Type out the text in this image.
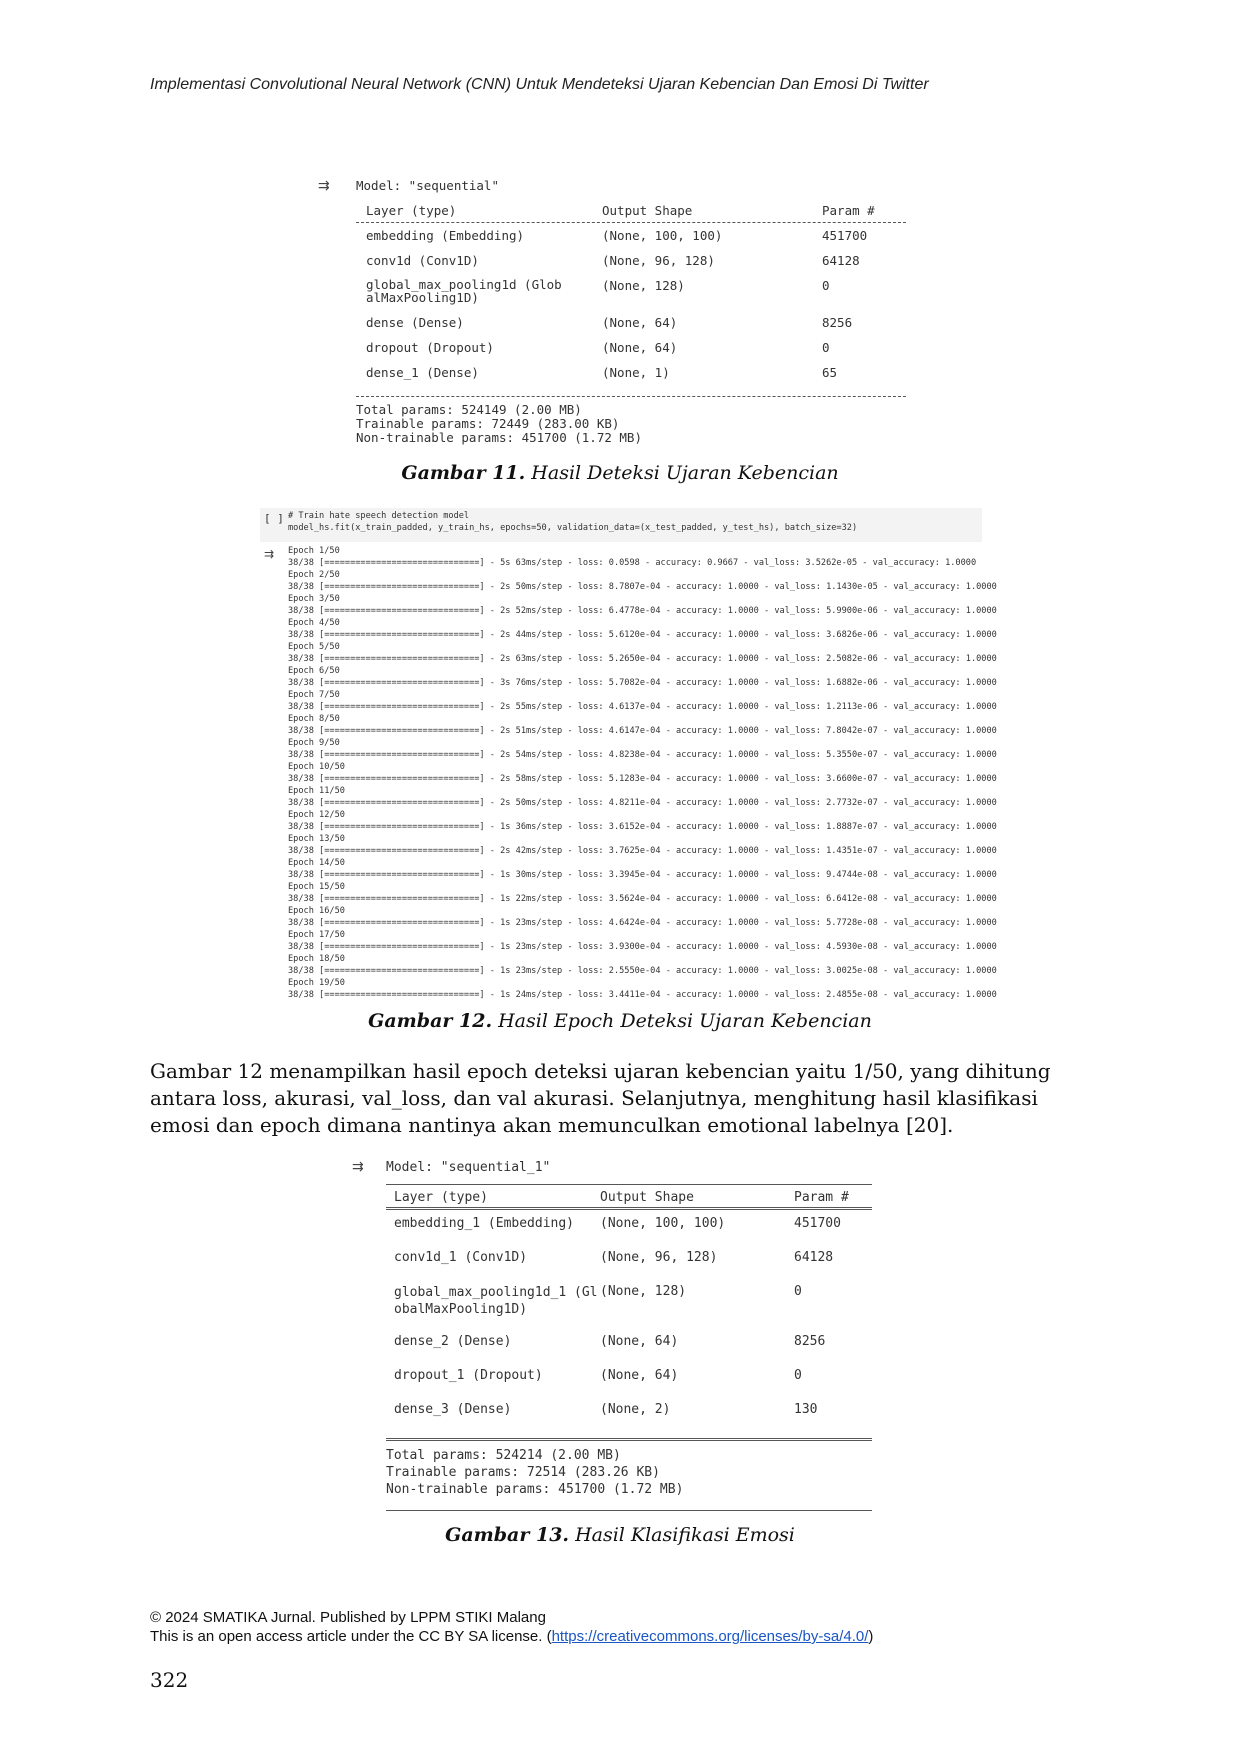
Implementasi Convolutional Neural Network (CNN) Untuk Mendeteksi Ujaran Kebencian Dan Emosi Di Twitter
⇉ Model: "sequential"
Layer (type)	Output Shape	Param #
embedding (Embedding)	(None, 100, 100)	451700
conv1d (Conv1D)	(None, 96, 128)	64128
global_max_pooling1d (Glob
alMaxPooling1D)
(None, 128)	0
dense (Dense)	(None, 64)	8256
dropout (Dropout)	(None, 64)	0
dense_1 (Dense)	(None, 1)	65
Total params: 524149 (2.00 MB)
Trainable params: 72449 (283.00 KB)
Non-trainable params: 451700 (1.72 MB)
Gambar 11. Hasil Deteksi Ujaran Kebencian
[ ] # Train hate speech detection model
model_hs.fit(x_train_padded, y_train_hs, epochs=50, validation_data=(x_test_padded, y_test_hs), batch_size=32)
⇉ Epoch 1/50
38/38 [==============================] - 5s 63ms/step - loss: 0.0598 - accuracy: 0.9667 - val_loss: 3.5262e-05 - val_accuracy: 1.0000
Epoch 2/50
38/38 [==============================] - 2s 50ms/step - loss: 8.7807e-04 - accuracy: 1.0000 - val_loss: 1.1430e-05 - val_accuracy: 1.0000
Epoch 3/50
38/38 [==============================] - 2s 52ms/step - loss: 6.4778e-04 - accuracy: 1.0000 - val_loss: 5.9900e-06 - val_accuracy: 1.0000
Epoch 4/50
38/38 [==============================] - 2s 44ms/step - loss: 5.6120e-04 - accuracy: 1.0000 - val_loss: 3.6826e-06 - val_accuracy: 1.0000
Epoch 5/50
38/38 [==============================] - 2s 63ms/step - loss: 5.2650e-04 - accuracy: 1.0000 - val_loss: 2.5082e-06 - val_accuracy: 1.0000
Epoch 6/50
38/38 [==============================] - 3s 76ms/step - loss: 5.7082e-04 - accuracy: 1.0000 - val_loss: 1.6882e-06 - val_accuracy: 1.0000
Epoch 7/50
38/38 [==============================] - 2s 55ms/step - loss: 4.6137e-04 - accuracy: 1.0000 - val_loss: 1.2113e-06 - val_accuracy: 1.0000
Epoch 8/50
38/38 [==============================] - 2s 51ms/step - loss: 4.6147e-04 - accuracy: 1.0000 - val_loss: 7.8042e-07 - val_accuracy: 1.0000
Epoch 9/50
38/38 [==============================] - 2s 54ms/step - loss: 4.8238e-04 - accuracy: 1.0000 - val_loss: 5.3550e-07 - val_accuracy: 1.0000
Epoch 10/50
38/38 [==============================] - 2s 58ms/step - loss: 5.1283e-04 - accuracy: 1.0000 - val_loss: 3.6600e-07 - val_accuracy: 1.0000
Epoch 11/50
38/38 [==============================] - 2s 50ms/step - loss: 4.8211e-04 - accuracy: 1.0000 - val_loss: 2.7732e-07 - val_accuracy: 1.0000
Epoch 12/50
38/38 [==============================] - 1s 36ms/step - loss: 3.6152e-04 - accuracy: 1.0000 - val_loss: 1.8887e-07 - val_accuracy: 1.0000
Epoch 13/50
38/38 [==============================] - 2s 42ms/step - loss: 3.7625e-04 - accuracy: 1.0000 - val_loss: 1.4351e-07 - val_accuracy: 1.0000
Epoch 14/50
38/38 [==============================] - 1s 30ms/step - loss: 3.3945e-04 - accuracy: 1.0000 - val_loss: 9.4744e-08 - val_accuracy: 1.0000
Epoch 15/50
38/38 [==============================] - 1s 22ms/step - loss: 3.5624e-04 - accuracy: 1.0000 - val_loss: 6.6412e-08 - val_accuracy: 1.0000
Epoch 16/50
38/38 [==============================] - 1s 23ms/step - loss: 4.6424e-04 - accuracy: 1.0000 - val_loss: 5.7728e-08 - val_accuracy: 1.0000
Epoch 17/50
38/38 [==============================] - 1s 23ms/step - loss: 3.9300e-04 - accuracy: 1.0000 - val_loss: 4.5930e-08 - val_accuracy: 1.0000
Epoch 18/50
38/38 [==============================] - 1s 23ms/step - loss: 2.5550e-04 - accuracy: 1.0000 - val_loss: 3.0025e-08 - val_accuracy: 1.0000
Epoch 19/50
38/38 [==============================] - 1s 24ms/step - loss: 3.4411e-04 - accuracy: 1.0000 - val_loss: 2.4855e-08 - val_accuracy: 1.0000
Gambar 12. Hasil Epoch Deteksi Ujaran Kebencian
Gambar 12 menampilkan hasil epoch deteksi ujaran kebencian yaitu 1/50, yang dihitung antara loss, akurasi, val_loss, dan val akurasi. Selanjutnya, menghitung hasil klasifikasi emosi dan epoch dimana nantinya akan memunculkan emotional labelnya [20].
⇉ Model: "sequential_1"
Layer (type)	Output Shape	Param #
embedding_1 (Embedding) (None, 100, 100)	451700
conv1d_1 (Conv1D)	(None, 96, 128)	64128
global_max_pooling1d_1 (Gl
obalMaxPooling1D)
(None, 128)	0
dense_2 (Dense)	(None, 64)	8256
dropout_1 (Dropout)	(None, 64)	0
dense_3 (Dense)	(None, 2)	130
Total params: 524214 (2.00 MB)
Trainable params: 72514 (283.26 KB)
Non-trainable params: 451700 (1.72 MB)
Gambar 13. Hasil Klasifikasi Emosi
© 2024 SMATIKA Jurnal. Published by LPPM STIKI Malang
This is an open access article under the CC BY SA license. (https://creativecommons.org/licenses/by-sa/4.0/)
322
